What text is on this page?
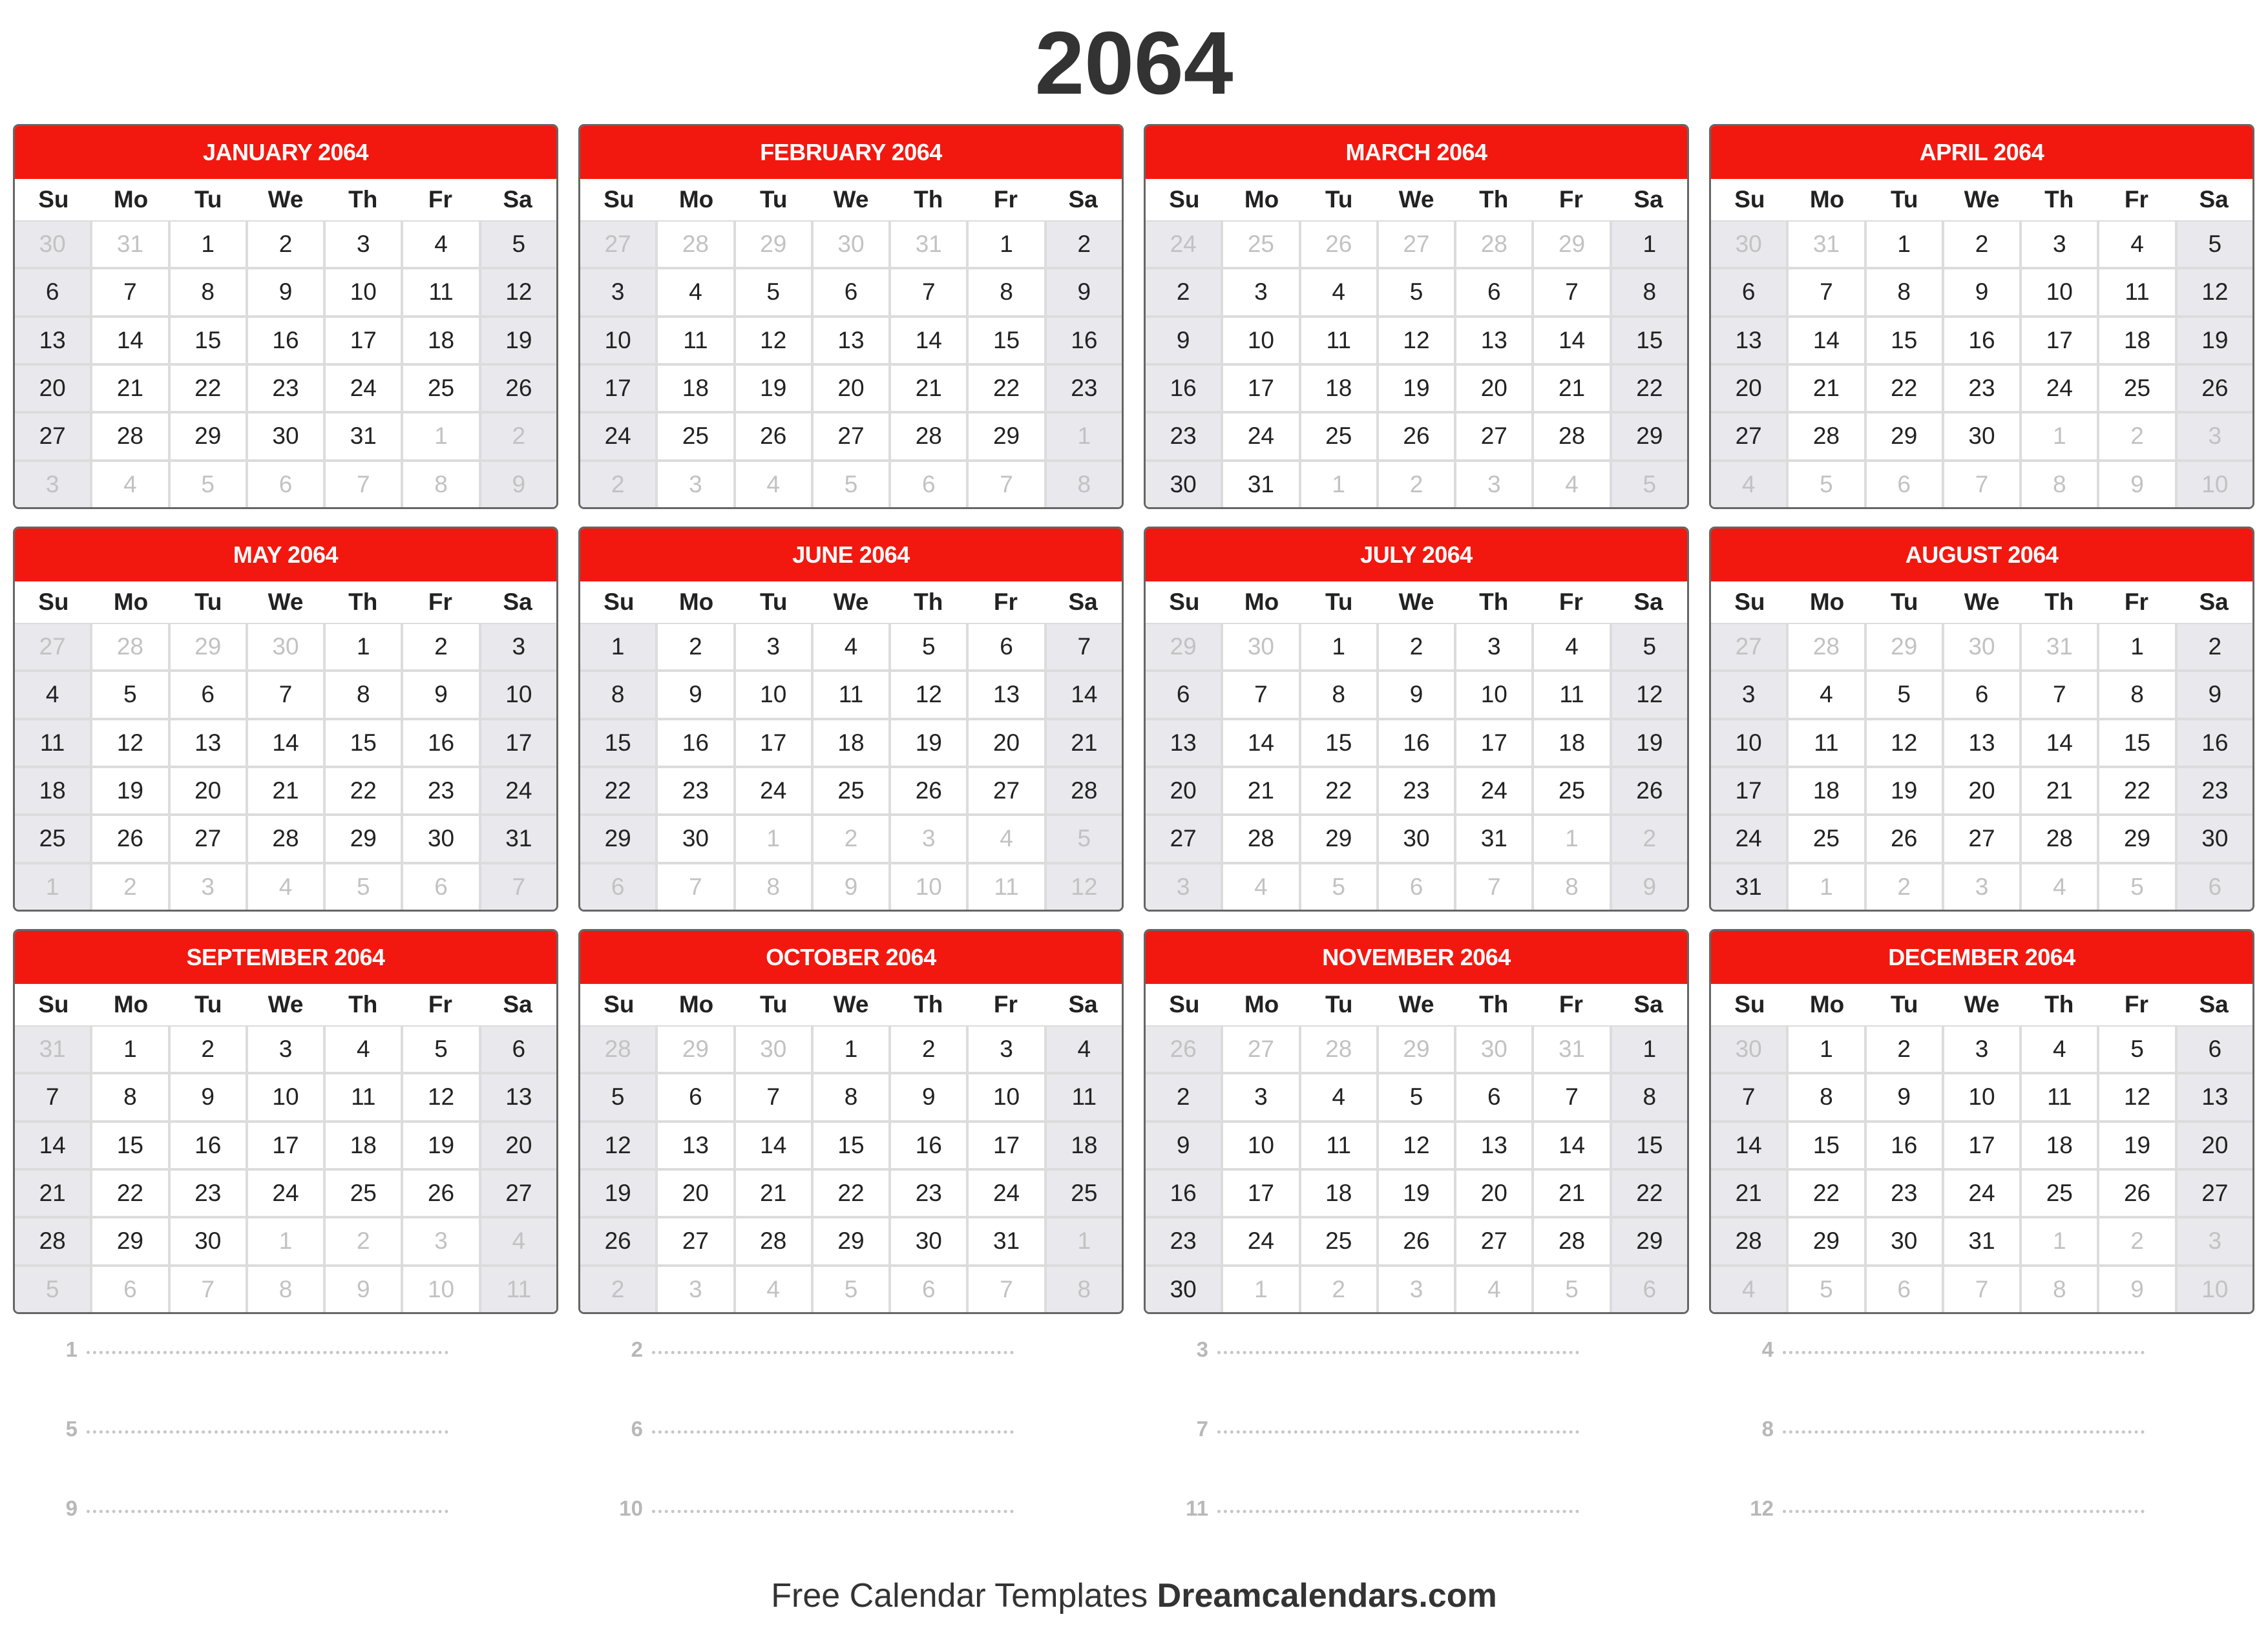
2064
JANUARY 2064
Su	Mo	Tu	We	Th	Fr	Sa
30	31	1	2	3	4	5
6	7	8	9	10	11	12
13	14	15	16	17	18	19
20	21	22	23	24	25	26
27	28	29	30	31	1	2
3	4	5	6	7	8	9
FEBRUARY 2064
Su	Mo	Tu	We	Th	Fr	Sa
27	28	29	30	31	1	2
3	4	5	6	7	8	9
10	11	12	13	14	15	16
17	18	19	20	21	22	23
24	25	26	27	28	29	1
2	3	4	5	6	7	8
MARCH 2064
Su	Mo	Tu	We	Th	Fr	Sa
24	25	26	27	28	29	1
2	3	4	5	6	7	8
9	10	11	12	13	14	15
16	17	18	19	20	21	22
23	24	25	26	27	28	29
30	31	1	2	3	4	5
APRIL 2064
Su	Mo	Tu	We	Th	Fr	Sa
30	31	1	2	3	4	5
6	7	8	9	10	11	12
13	14	15	16	17	18	19
20	21	22	23	24	25	26
27	28	29	30	1	2	3
4	5	6	7	8	9	10
MAY 2064
Su	Mo	Tu	We	Th	Fr	Sa
27	28	29	30	1	2	3
4	5	6	7	8	9	10
11	12	13	14	15	16	17
18	19	20	21	22	23	24
25	26	27	28	29	30	31
1	2	3	4	5	6	7
JUNE 2064
Su	Mo	Tu	We	Th	Fr	Sa
1	2	3	4	5	6	7
8	9	10	11	12	13	14
15	16	17	18	19	20	21
22	23	24	25	26	27	28
29	30	1	2	3	4	5
6	7	8	9	10	11	12
JULY 2064
Su	Mo	Tu	We	Th	Fr	Sa
29	30	1	2	3	4	5
6	7	8	9	10	11	12
13	14	15	16	17	18	19
20	21	22	23	24	25	26
27	28	29	30	31	1	2
3	4	5	6	7	8	9
AUGUST 2064
Su	Mo	Tu	We	Th	Fr	Sa
27	28	29	30	31	1	2
3	4	5	6	7	8	9
10	11	12	13	14	15	16
17	18	19	20	21	22	23
24	25	26	27	28	29	30
31	1	2	3	4	5	6
SEPTEMBER 2064
Su	Mo	Tu	We	Th	Fr	Sa
31	1	2	3	4	5	6
7	8	9	10	11	12	13
14	15	16	17	18	19	20
21	22	23	24	25	26	27
28	29	30	1	2	3	4
5	6	7	8	9	10	11
OCTOBER 2064
Su	Mo	Tu	We	Th	Fr	Sa
28	29	30	1	2	3	4
5	6	7	8	9	10	11
12	13	14	15	16	17	18
19	20	21	22	23	24	25
26	27	28	29	30	31	1
2	3	4	5	6	7	8
NOVEMBER 2064
Su	Mo	Tu	We	Th	Fr	Sa
26	27	28	29	30	31	1
2	3	4	5	6	7	8
9	10	11	12	13	14	15
16	17	18	19	20	21	22
23	24	25	26	27	28	29
30	1	2	3	4	5	6
DECEMBER 2064
Su	Mo	Tu	We	Th	Fr	Sa
30	1	2	3	4	5	6
7	8	9	10	11	12	13
14	15	16	17	18	19	20
21	22	23	24	25	26	27
28	29	30	31	1	2	3
4	5	6	7	8	9	10
1	2	3	4
5	6	7	8
9	10	11	12
Free Calendar Templates Dreamcalendars.com
